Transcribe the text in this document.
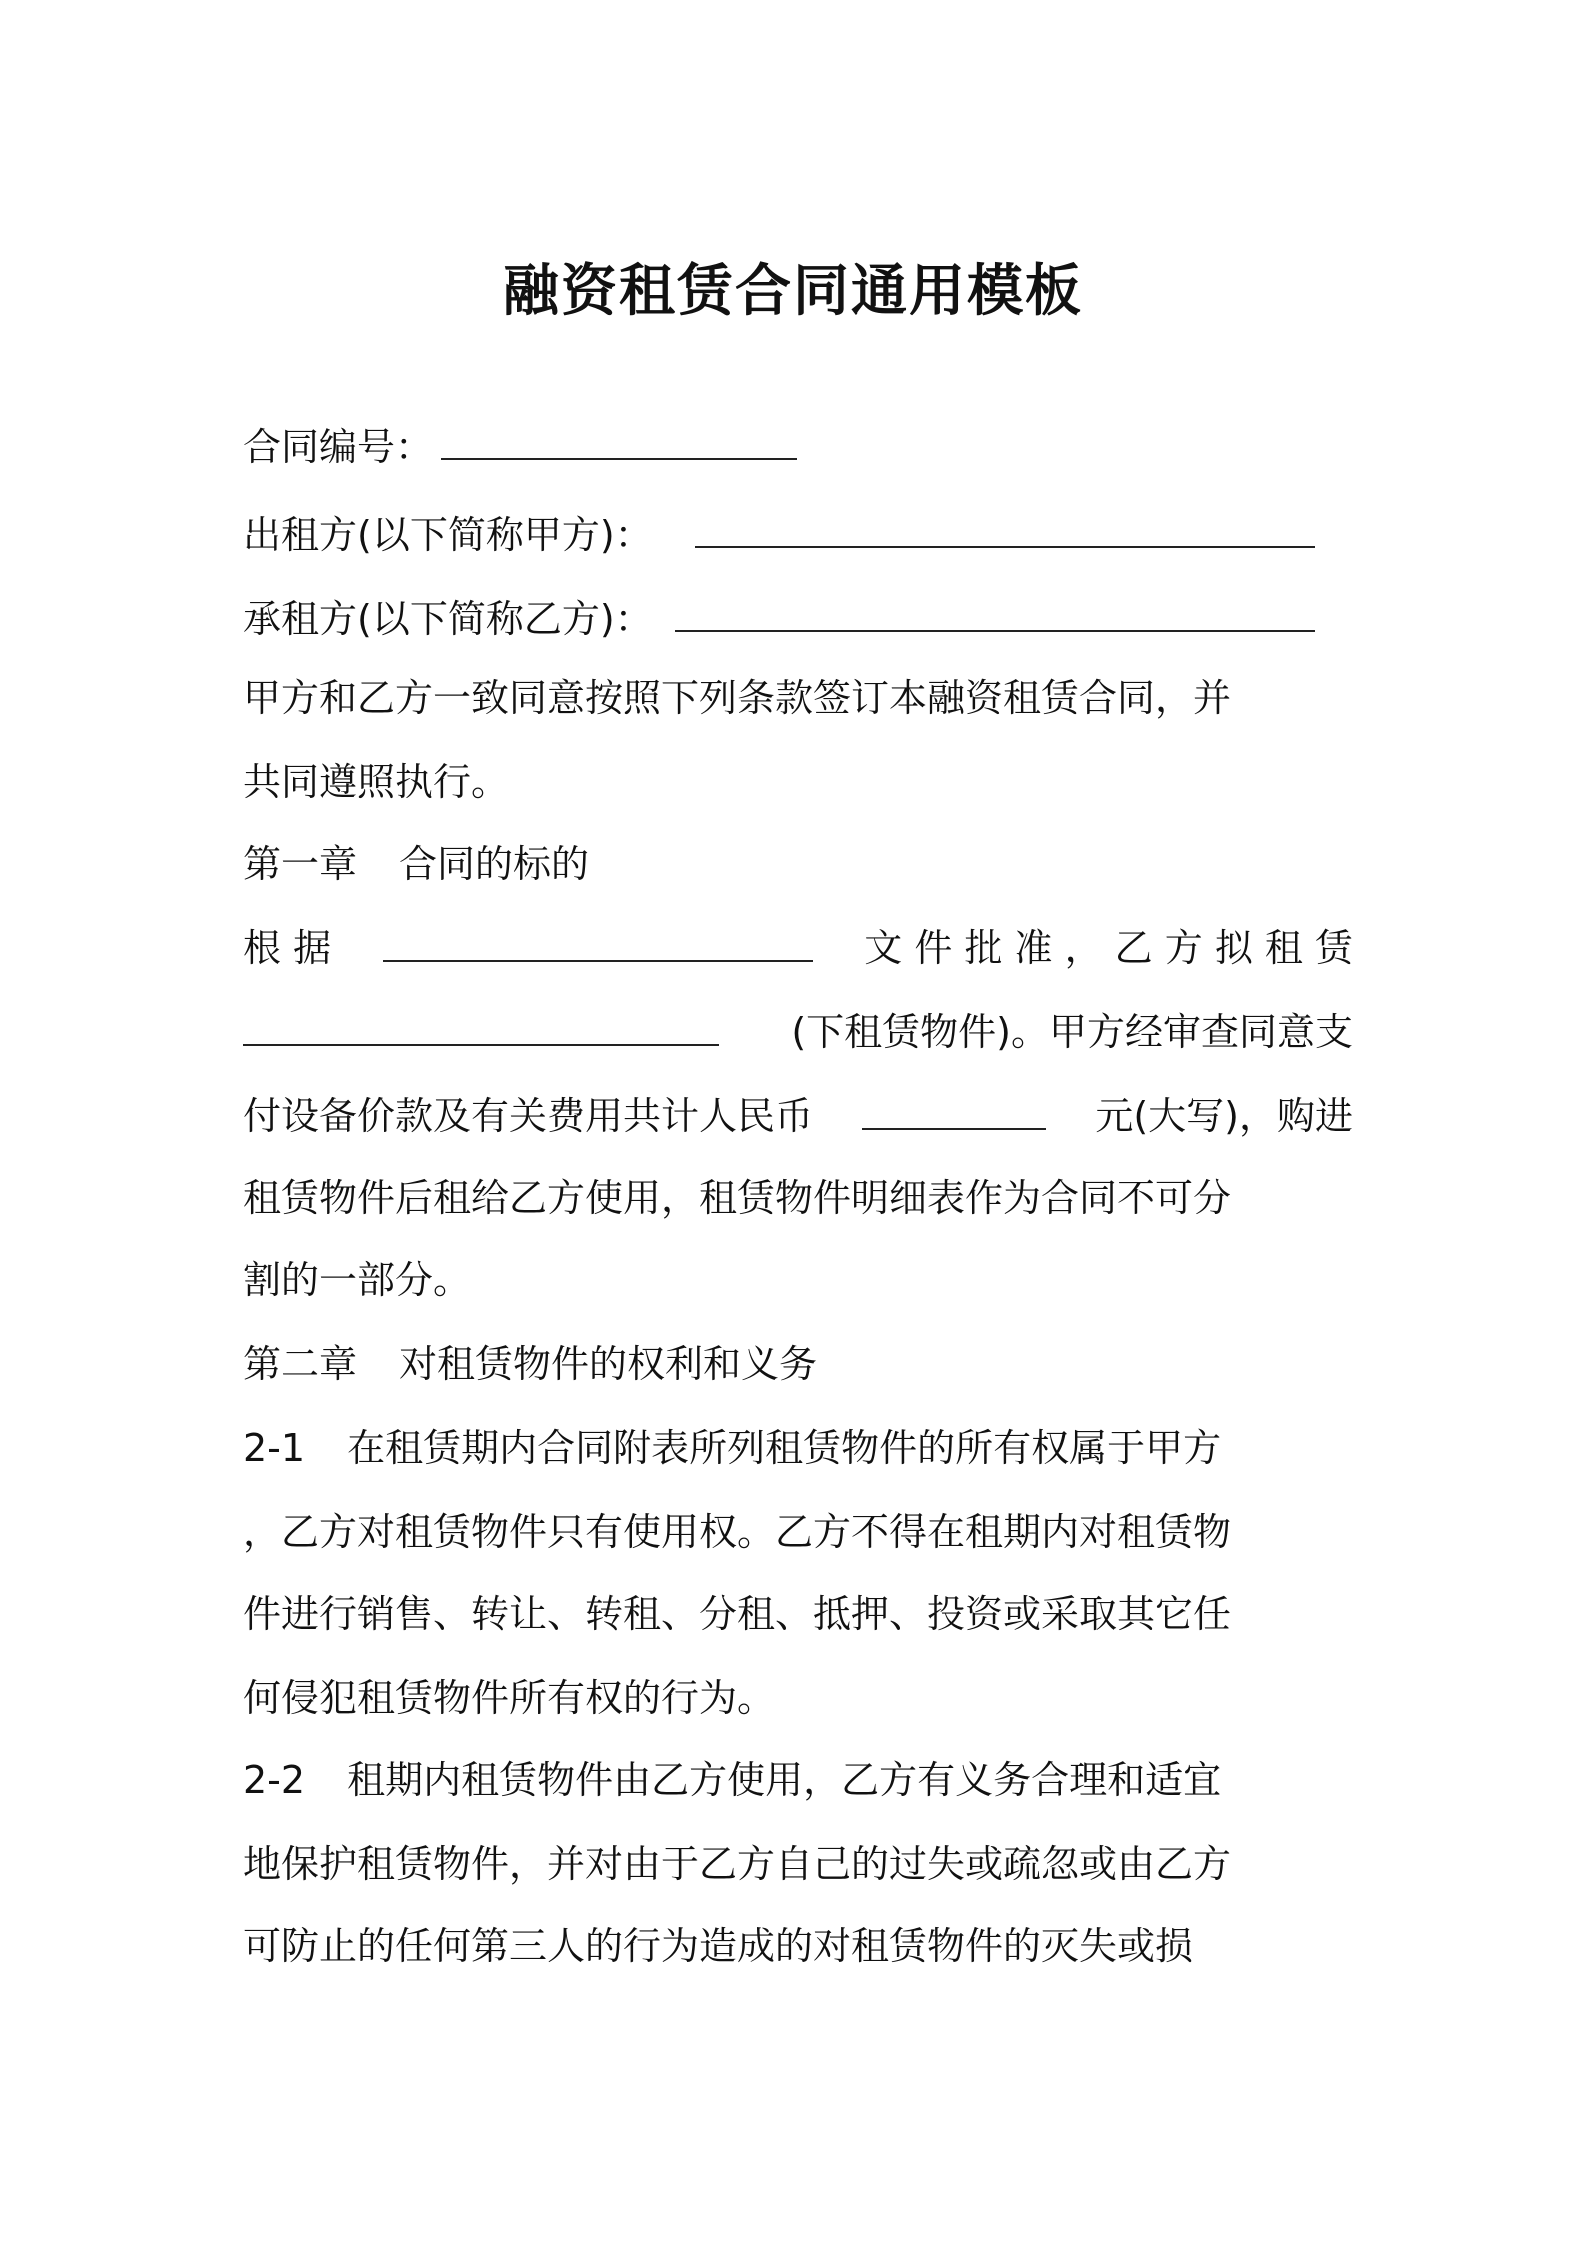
融资租赁合同通用模板
合同编号：
出租方(以下简称甲方)：
承租方(以下简称乙方)：
甲方和乙方一致同意按照下列条款签订本融资租赁合同，并
共同遵照执行。
第一章 合同的标的
根 据	文 件 批 准 ， 乙 方 拟 租 赁
(下租赁物件)。甲方经审查同意支
付设备价款及有关费用共计人民币	元(大写)，购进
租赁物件后租给乙方使用，租赁物件明细表作为合同不可分
割的一部分。
第二章 对租赁物件的权利和义务
2-1 在租赁期内合同附表所列租赁物件的所有权属于甲方
，乙方对租赁物件只有使用权。乙方不得在租期内对租赁物
件进行销售、转让、转租、分租、抵押、投资或采取其它任
何侵犯租赁物件所有权的行为。
2-2 租期内租赁物件由乙方使用，乙方有义务合理和适宜
地保护租赁物件，并对由于乙方自己的过失或疏忽或由乙方
可防止的任何第三人的行为造成的对租赁物件的灭失或损
